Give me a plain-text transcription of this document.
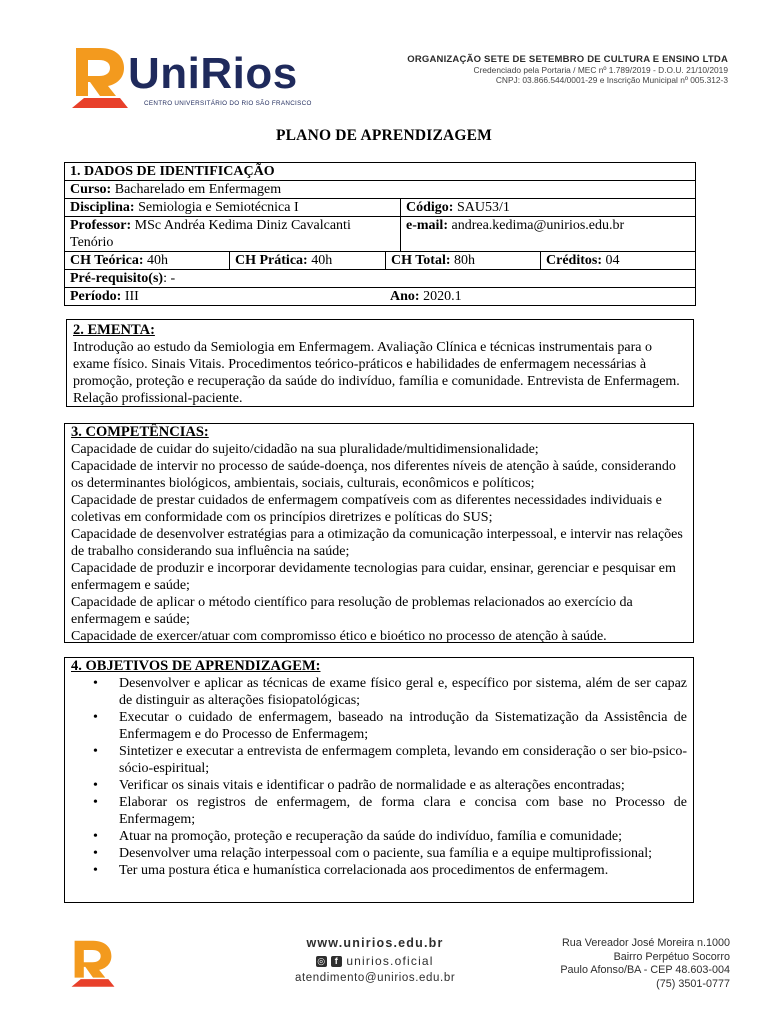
UniRios
CENTRO UNIVERSITÁRIO DO RIO SÃO FRANCISCO
ORGANIZAÇÃO SETE DE SETEMBRO DE CULTURA E ENSINO LTDA
Credenciado pela Portaria / MEC nº 1.789/2019 - D.O.U. 21/10/2019
CNPJ: 03.866.544/0001-29 e Inscrição Municipal nº 005.312-3
PLANO DE APRENDIZAGEM
1. DADOS DE IDENTIFICAÇÃO
Curso: Bacharelado em Enfermagem
Disciplina: Semiologia e Semiotécnica I	Código: SAU53/1
Professor: MSc Andréa Kedima Diniz Cavalcanti Tenório
e-mail: andrea.kedima@unirios.edu.br
CH Teórica: 40h	CH Prática: 40h	CH Total: 80h	Créditos: 04
Pré-requisito(s): -
Período: III	Ano: 2020.1
2. EMENTA:
Introdução ao estudo da Semiologia em Enfermagem. Avaliação Clínica e técnicas instrumentais para o exame físico. Sinais Vitais. Procedimentos teórico-práticos e habilidades de enfermagem necessárias à promoção, proteção e recuperação da saúde do indivíduo, família e comunidade. Entrevista de Enfermagem. Relação profissional-paciente.
3. COMPETÊNCIAS:
Capacidade de cuidar do sujeito/cidadão na sua pluralidade/multidimensionalidade;
Capacidade de intervir no processo de saúde-doença, nos diferentes níveis de atenção à saúde, considerando os determinantes biológicos, ambientais, sociais, culturais, econômicos e políticos;
Capacidade de prestar cuidados de enfermagem compatíveis com as diferentes necessidades individuais e coletivas em conformidade com os princípios diretrizes e políticas do SUS;
Capacidade de desenvolver estratégias para a otimização da comunicação interpessoal, e intervir nas relações de trabalho considerando sua influência na saúde;
Capacidade de produzir e incorporar devidamente tecnologias para cuidar, ensinar, gerenciar e pesquisar em enfermagem e saúde;
Capacidade de aplicar o método científico para resolução de problemas relacionados ao exercício da enfermagem e saúde;
Capacidade de exercer/atuar com compromisso ético e bioético no processo de atenção à saúde.
4. OBJETIVOS DE APRENDIZAGEM:
• Desenvolver e aplicar as técnicas de exame físico geral e, específico por sistema, além de ser capaz de distinguir as alterações fisiopatológicas;
• Executar o cuidado de enfermagem, baseado na introdução da Sistematização da Assistência de Enfermagem e do Processo de Enfermagem;
• Sintetizer e executar a entrevista de enfermagem completa, levando em consideração o ser bio-psico-sócio-espiritual;
• Verificar os sinais vitais e identificar o padrão de normalidade e as alterações encontradas;
• Elaborar os registros de enfermagem, de forma clara e concisa com base no Processo de Enfermagem;
• Atuar na promoção, proteção e recuperação da saúde do indivíduo, família e comunidade;
• Desenvolver uma relação interpessoal com o paciente, sua família e a equipe multiprofissional;
• Ter uma postura ética e humanística correlacionada aos procedimentos de enfermagem.
www.unirios.edu.br
◎ f unirios.oficial
atendimento@unirios.edu.br
Rua Vereador José Moreira n.1000
Bairro Perpétuo Socorro
Paulo Afonso/BA - CEP 48.603-004
(75) 3501-0777
